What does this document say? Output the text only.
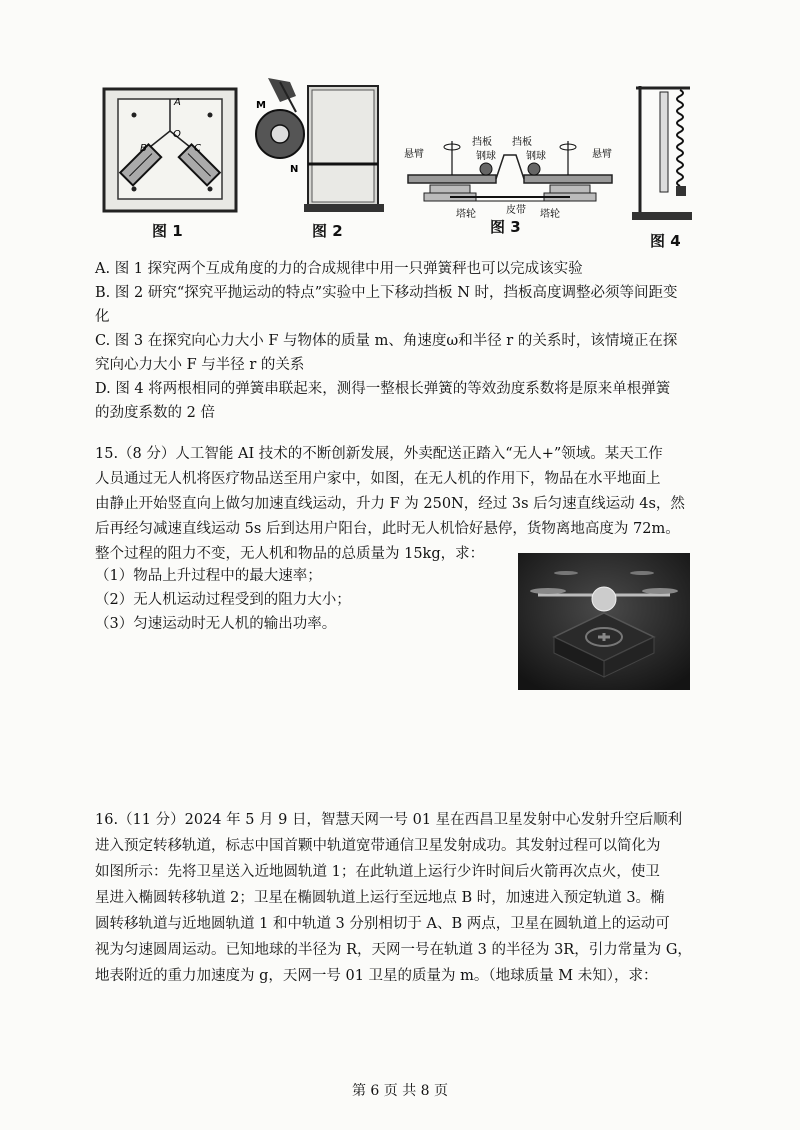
A
O
B	C
图 1
M
N
图 2
悬臂
挡板 挡板
钢球	钢球	悬臂
塔轮	皮带 塔轮
图 3
图 4
A. 图 1 探究两个互成角度的力的合成规律中用一只弹簧秤也可以完成该实验
B. 图 2 研究“探究平抛运动的特点”实验中上下移动挡板 N 时，挡板高度调整必须等间距变
化
C. 图 3 在探究向心力大小 F 与物体的质量 m、角速度ω和半径 r 的关系时，该情境正在探
究向心力大小 F 与半径 r 的关系
D. 图 4 将两根相同的弹簧串联起来，测得一整根长弹簧的等效劲度系数将是原来单根弹簧
的劲度系数的 2 倍
15.（8 分）人工智能 AI 技术的不断创新发展，外卖配送正踏入“无人+”领域。某天工作
人员通过无人机将医疗物品送至用户家中，如图，在无人机的作用下，物品在水平地面上
由静止开始竖直向上做匀加速直线运动，升力 F 为 250N，经过 3s 后匀速直线运动 4s，然
后再经匀减速直线运动 5s 后到达用户阳台，此时无人机恰好悬停，货物离地高度为 72m。
整个过程的阻力不变，无人机和物品的总质量为 15kg，求：
（1）物品上升过程中的最大速率；
（2）无人机运动过程受到的阻力大小；
（3）匀速运动时无人机的输出功率。
16.（11 分）2024 年 5 月 9 日，智慧天网一号 01 星在西昌卫星发射中心发射升空后顺利
进入预定转移轨道，标志中国首颗中轨道宽带通信卫星发射成功。其发射过程可以简化为
如图所示：先将卫星送入近地圆轨道 1；在此轨道上运行少许时间后火箭再次点火，使卫
星进入椭圆转移轨道 2；卫星在椭圆轨道上运行至远地点 B 时，加速进入预定轨道 3。椭
圆转移轨道与近地圆轨道 1 和中轨道 3 分别相切于 A、B 两点，卫星在圆轨道上的运动可
视为匀速圆周运动。已知地球的半径为 R，天网一号在轨道 3 的半径为 3R，引力常量为 G，
地表附近的重力加速度为 g，天网一号 01 卫星的质量为 m。（地球质量 M 未知），求：
第 6 页 共 8 页
